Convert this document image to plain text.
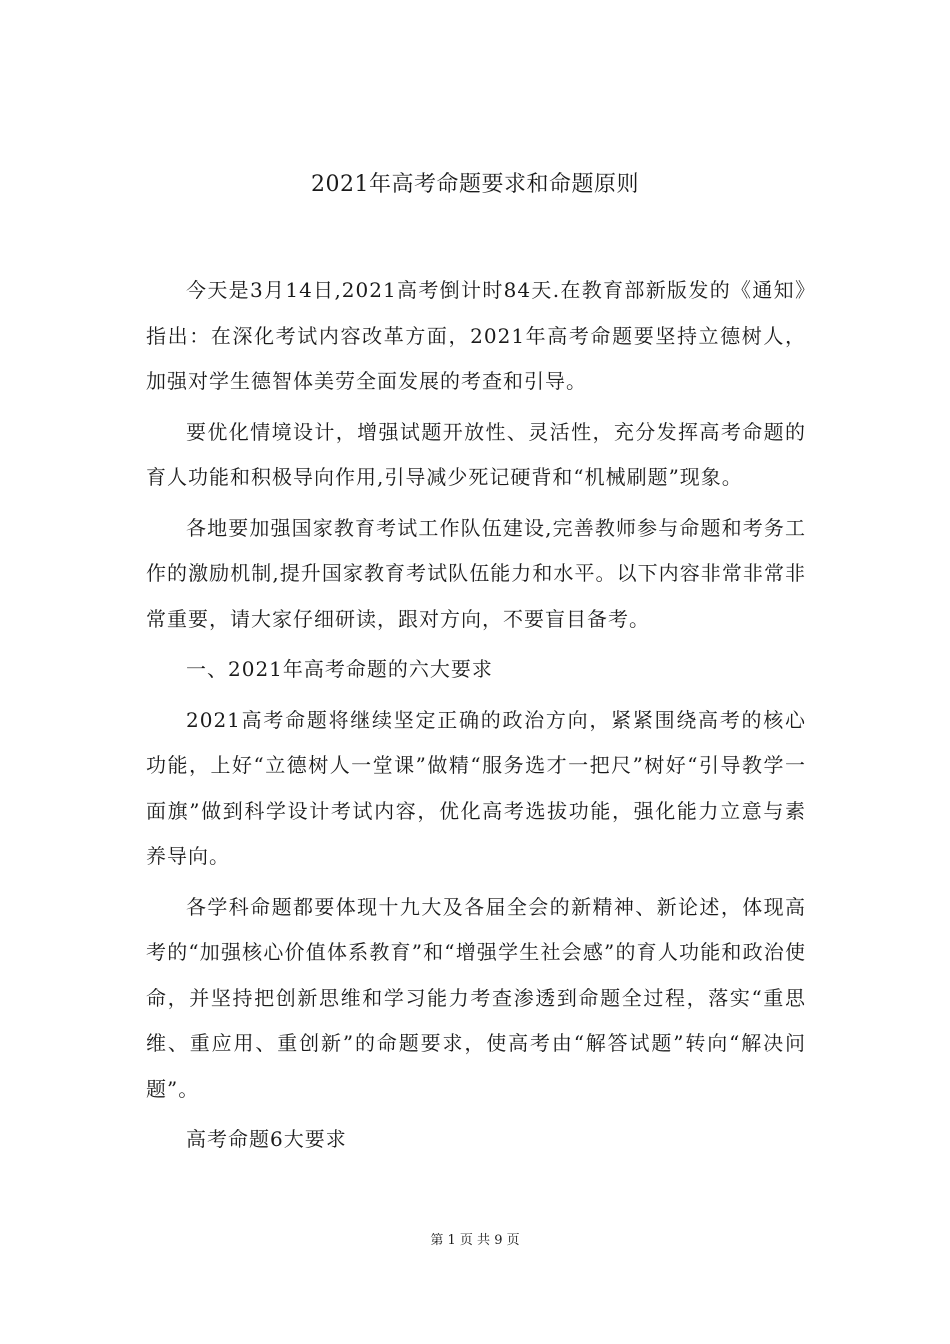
2021年高考命题要求和命题原则

今天是3月14日,2021高考倒计时84天.在教育部新版发的《通知》指出：在深化考试内容改革方面，2021年高考命题要坚持立德树人，加强对学生德智体美劳全面发展的考查和引导。

要优化情境设计，增强试题开放性、灵活性，充分发挥高考命题的育人功能和积极导向作用,引导减少死记硬背和“机械刷题”现象。

各地要加强国家教育考试工作队伍建设,完善教师参与命题和考务工作的激励机制,提升国家教育考试队伍能力和水平。以下内容非常非常非常重要，请大家仔细研读，跟对方向，不要盲目备考。

一、2021年高考命题的六大要求

2021高考命题将继续坚定正确的政治方向，紧紧围绕高考的核心功能，上好“立德树人一堂课”做精“服务选才一把尺”树好“引导教学一面旗”做到科学设计考试内容，优化高考选拔功能，强化能力立意与素养导向。

各学科命题都要体现十九大及各届全会的新精神、新论述，体现高考的“加强核心价值体系教育”和“增强学生社会感”的育人功能和政治使命，并坚持把创新思维和学习能力考查渗透到命题全过程，落实“重思维、重应用、重创新”的命题要求，使高考由“解答试题”转向“解决问题”。

高考命题6大要求

第 1 页 共 9 页
